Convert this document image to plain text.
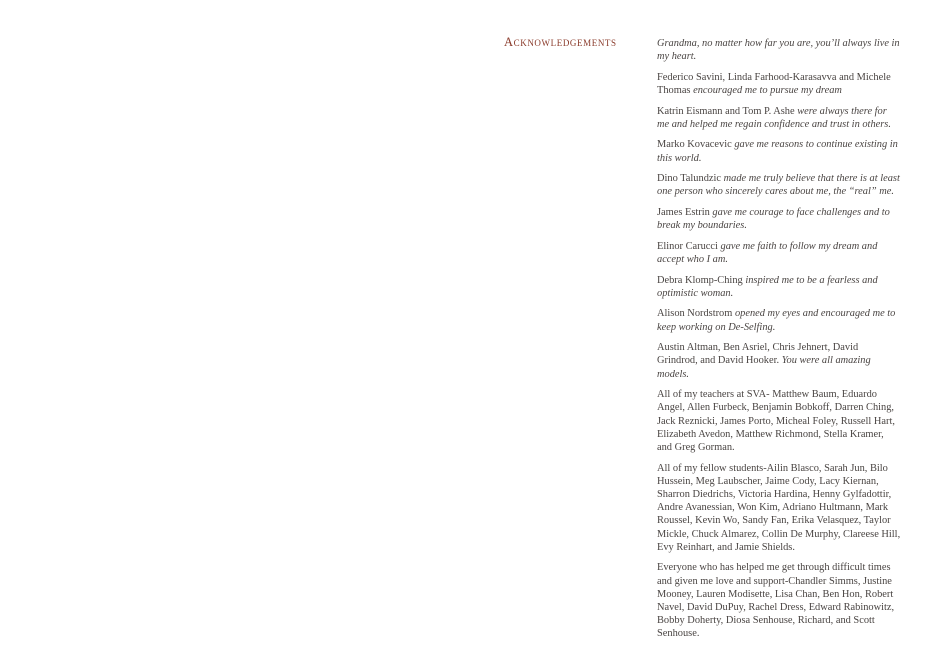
Acknowledgements	Grandma, no matter how far you are, you’ll always live in my heart.

Federico Savini, Linda Farhood-Karasavva and Michele Thomas encouraged me to pursue my dream

Katrin Eismann and Tom P. Ashe were always there for me and helped me regain confidence and trust in others.

Marko Kovacevic gave me reasons to continue existing in this world.

Dino Talundzic made me truly believe that there is at least one person who sincerely cares about me, the “real” me.

James Estrin gave me courage to face challenges and to break my boundaries.

Elinor Carucci gave me faith to follow my dream and accept who I am.

Debra Klomp-Ching inspired me to be a fearless and optimistic woman.

Alison Nordstrom opened my eyes and encouraged me to keep working on De-Selfing.

Austin Altman, Ben Asriel, Chris Jehnert, David Grindrod, and David Hooker. You were all amazing models.

All of my teachers at SVA- Matthew Baum, Eduardo Angel, Allen Furbeck, Benjamin Bobkoff, Darren Ching, Jack Reznicki, James Porto, Micheal Foley, Russell Hart, Elizabeth Avedon, Matthew Richmond, Stella Kramer, and Greg Gorman.

All of my fellow students-Ailin Blasco, Sarah Jun, Bilo Hussein, Meg Laubscher, Jaime Cody, Lacy Kiernan, Sharron Diedrichs, Victoria Hardina, Henny Gylfadottir, Andre Avanessian, Won Kim, Adriano Hultmann, Mark Roussel, Kevin Wo, Sandy Fan, Erika Velasquez, Taylor Mickle, Chuck Almarez, Collin De Murphy, Clareese Hill, Evy Reinhart, and Jamie Shields.

Everyone who has helped me get through difficult times and given me love and support-Chandler Simms, Justine Mooney, Lauren Modisette, Lisa Chan, Ben Hon, Robert Navel, David DuPuy, Rachel Dress, Edward Rabinowitz, Bobby Doherty, Diosa Senhouse, Richard, and Scott Senhouse.
